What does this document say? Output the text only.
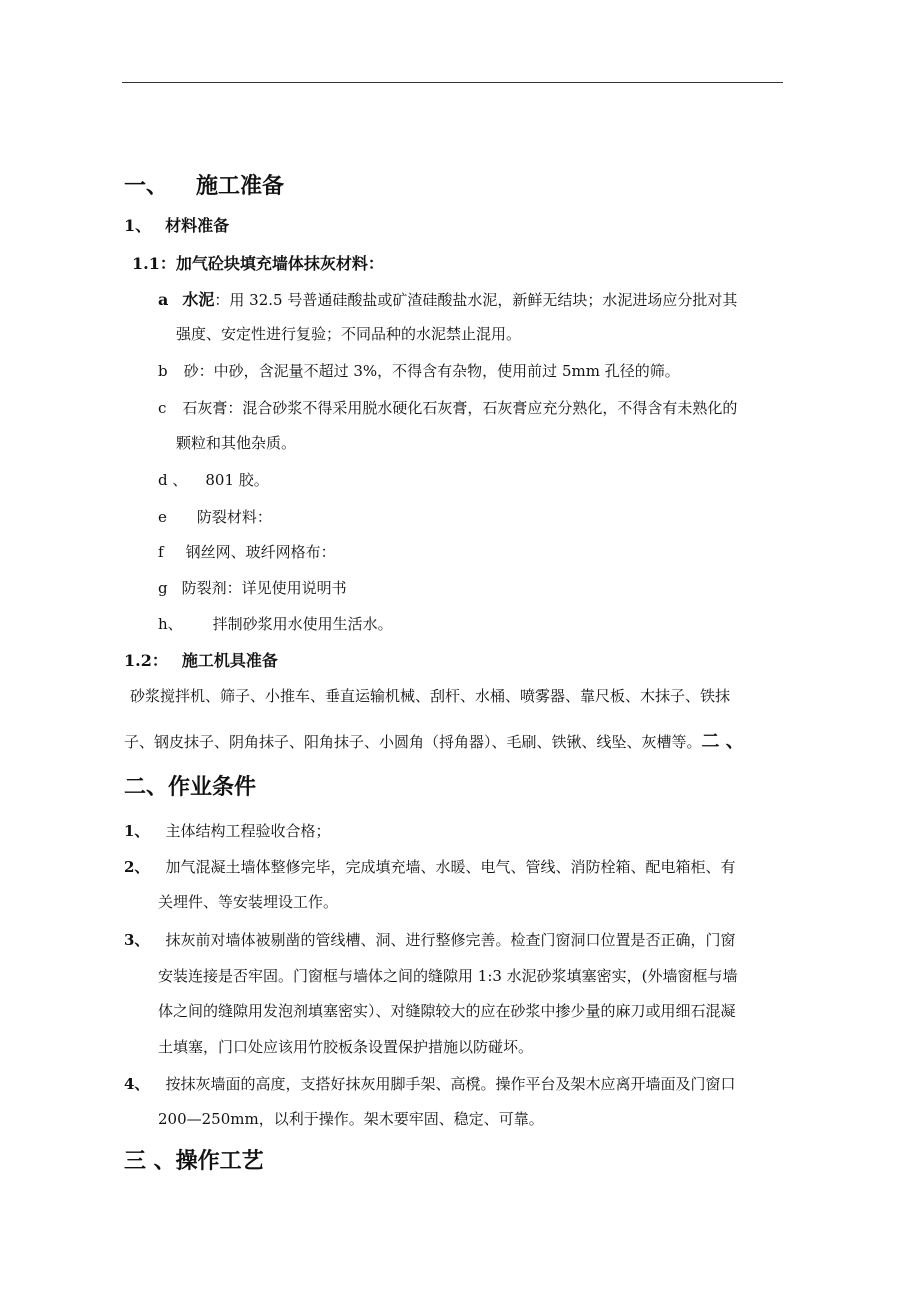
一、 施工准备
1、 材料准备
1.1：加气砼块填充墙体抹灰材料：
a 水泥：用 32.5 号普通硅酸盐或矿渣硅酸盐水泥，新鲜无结块；水泥进场应分批对其
强度、安定性进行复验；不同品种的水泥禁止混用。
b 砂：中砂，含泥量不超过 3%，不得含有杂物，使用前过 5mm 孔径的筛。
c 石灰膏：混合砂浆不得采用脱水硬化石灰膏，石灰膏应充分熟化，不得含有未熟化的
颗粒和其他杂质。
d 、 801 胶。
e 防裂材料：
f 钢丝网、玻纤网格布：
g 防裂剂：详见使用说明书
h、 拌制砂浆用水使用生活水。
1.2： 施工机具准备
砂浆搅拌机、筛子、小推车、垂直运输机械、刮杆、水桶、喷雾器、靠尺板、木抹子、铁抹
子、钢皮抹子、阴角抹子、阳角抹子、小圆角（捋角器）、毛刷、铁锹、线坠、灰槽等。二 、
二、作业条件
1、 主体结构工程验收合格；
2、 加气混凝土墙体整修完毕，完成填充墙、水暖、电气、管线、消防栓箱、配电箱柜、有
关埋件、等安装埋设工作。
3、 抹灰前对墙体被剔凿的管线槽、洞、进行整修完善。检查门窗洞口位置是否正确，门窗
安装连接是否牢固。门窗框与墙体之间的缝隙用 1:3 水泥砂浆填塞密实，(外墙窗框与墙
体之间的缝隙用发泡剂填塞密实）、对缝隙较大的应在砂浆中掺少量的麻刀或用细石混凝
土填塞，门口处应该用竹胶板条设置保护措施以防碰坏。
4、 按抹灰墙面的高度，支搭好抹灰用脚手架、高櫈。操作平台及架木应离开墙面及门窗口
200—250mm，以利于操作。架木要牢固、稳定、可靠。
三 、操作工艺
